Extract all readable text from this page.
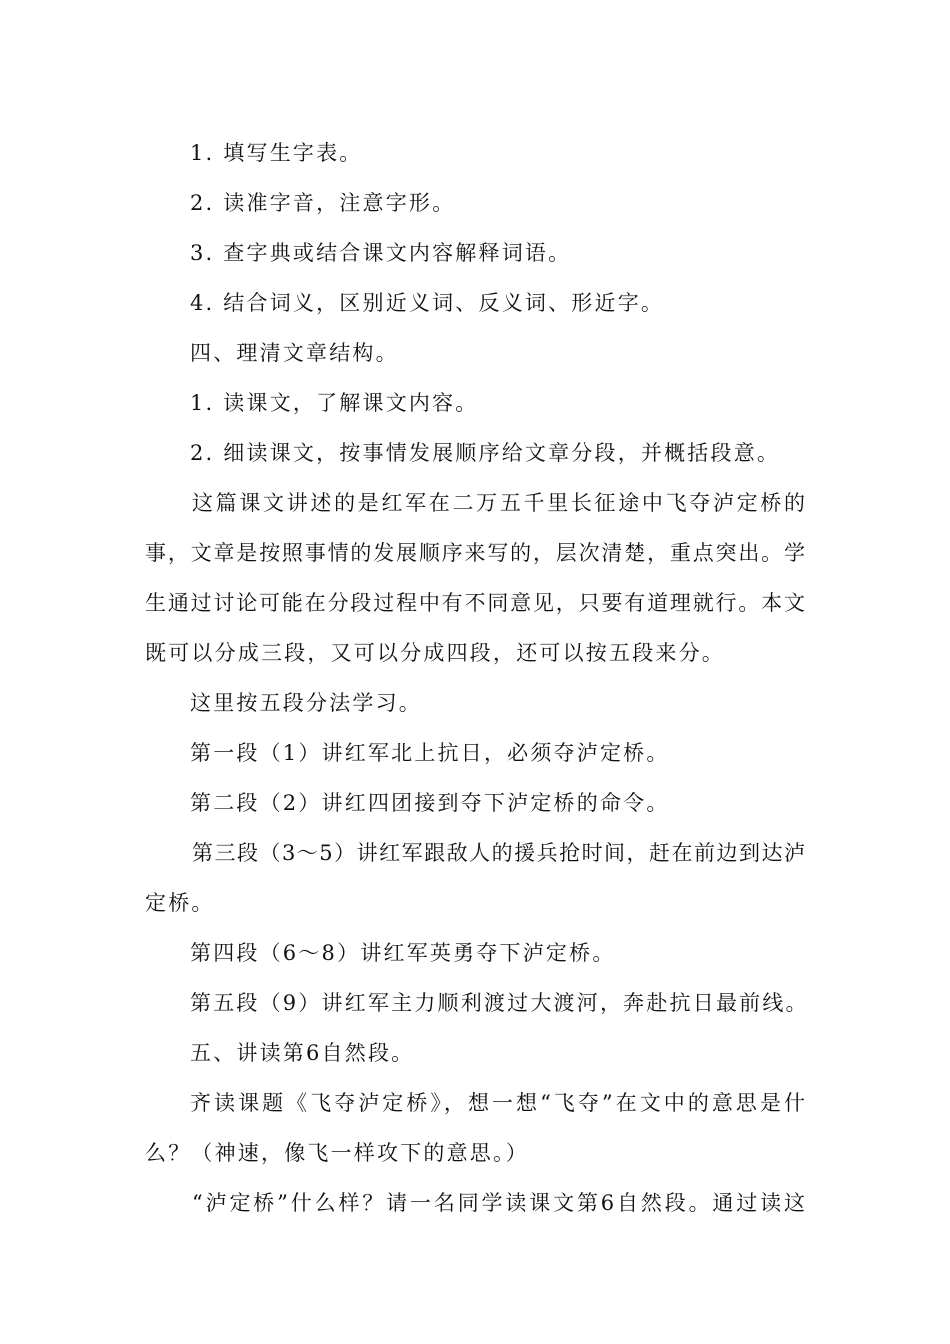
1. 填写生字表。
2. 读准字音，注意字形。
3. 查字典或结合课文内容解释词语。
4. 结合词义，区别近义词、反义词、形近字。
四、理清文章结构。
1. 读课文，了解课文内容。
2. 细读课文，按事情发展顺序给文章分段，并概括段意。
这篇课文讲述的是红军在二万五千里长征途中飞夺泸定桥的
事，文章是按照事情的发展顺序来写的，层次清楚，重点突出。学
生通过讨论可能在分段过程中有不同意见，只要有道理就行。本文
既可以分成三段，又可以分成四段，还可以按五段来分。
这里按五段分法学习。
第一段（1）讲红军北上抗日，必须夺泸定桥。
第二段（2）讲红四团接到夺下泸定桥的命令。
第三段（3～5）讲红军跟敌人的援兵抢时间，赶在前边到达泸
定桥。
第四段（6～8）讲红军英勇夺下泸定桥。
第五段（9）讲红军主力顺利渡过大渡河，奔赴抗日最前线。
五、讲读第6自然段。
齐读课题《飞夺泸定桥》，想一想“飞夺”在文中的意思是什
么？（神速，像飞一样攻下的意思。）
“泸定桥”什么样？请一名同学读课文第6自然段。通过读这
